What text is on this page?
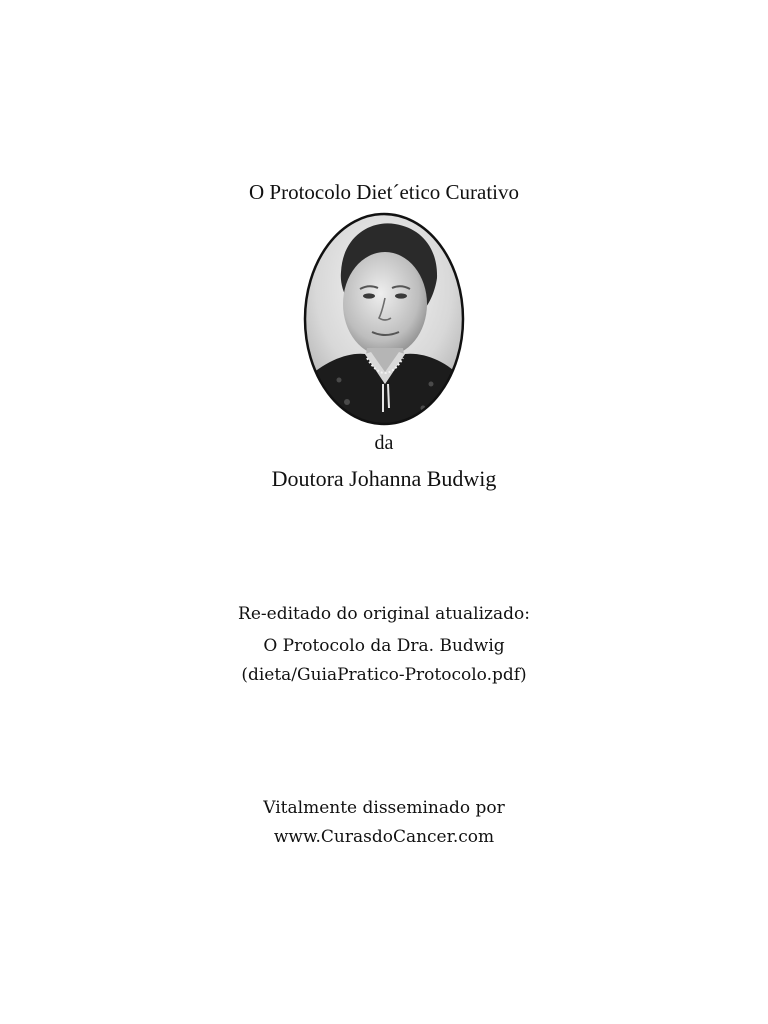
O Protocolo Diet´etico Curativo
da
Doutora Johanna Budwig
Re-editado do original atualizado:
O Protocolo da Dra. Budwig
(dieta/GuiaPratico-Protocolo.pdf)
Vitalmente disseminado por
www.CurasdoCancer.com
